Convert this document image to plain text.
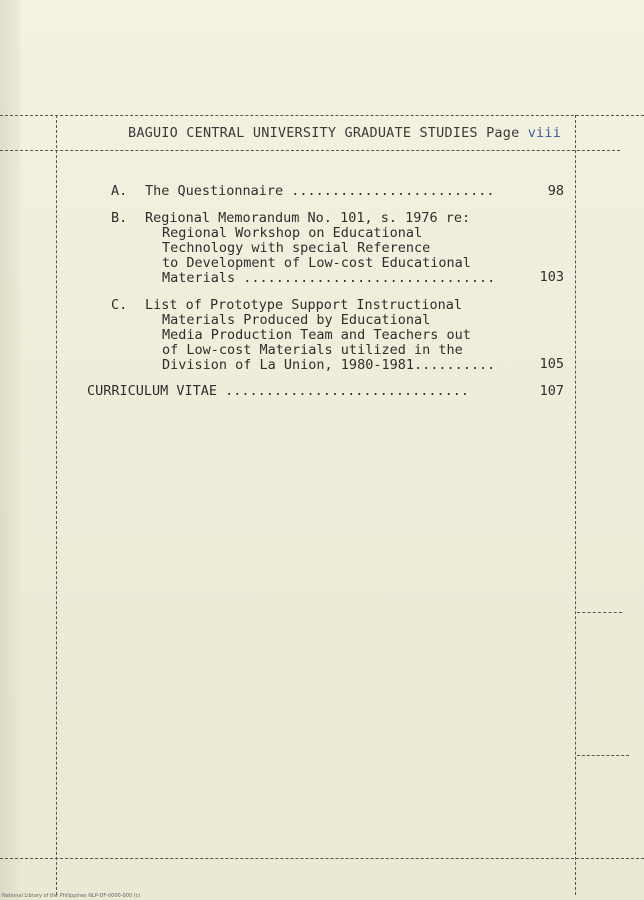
BAGUIO CENTRAL UNIVERSITY GRADUATE STUDIES Page viii
A. The Questionnaire .........................	98
B. Regional Memorandum No. 101, s. 1976 re:
Regional Workshop on Educational
Technology with special Reference
to Development of Low-cost Educational
Materials ...............................	103
C. List of Prototype Support Instructional
Materials Produced by Educational
Media Production Team and Teachers out
of Low-cost Materials utilized in the
Division of La Union, 1980-1981..........	105
CURRICULUM VITAE ..............................	107
National Library of the Philippines NLP-DF-0000-000 (c)
